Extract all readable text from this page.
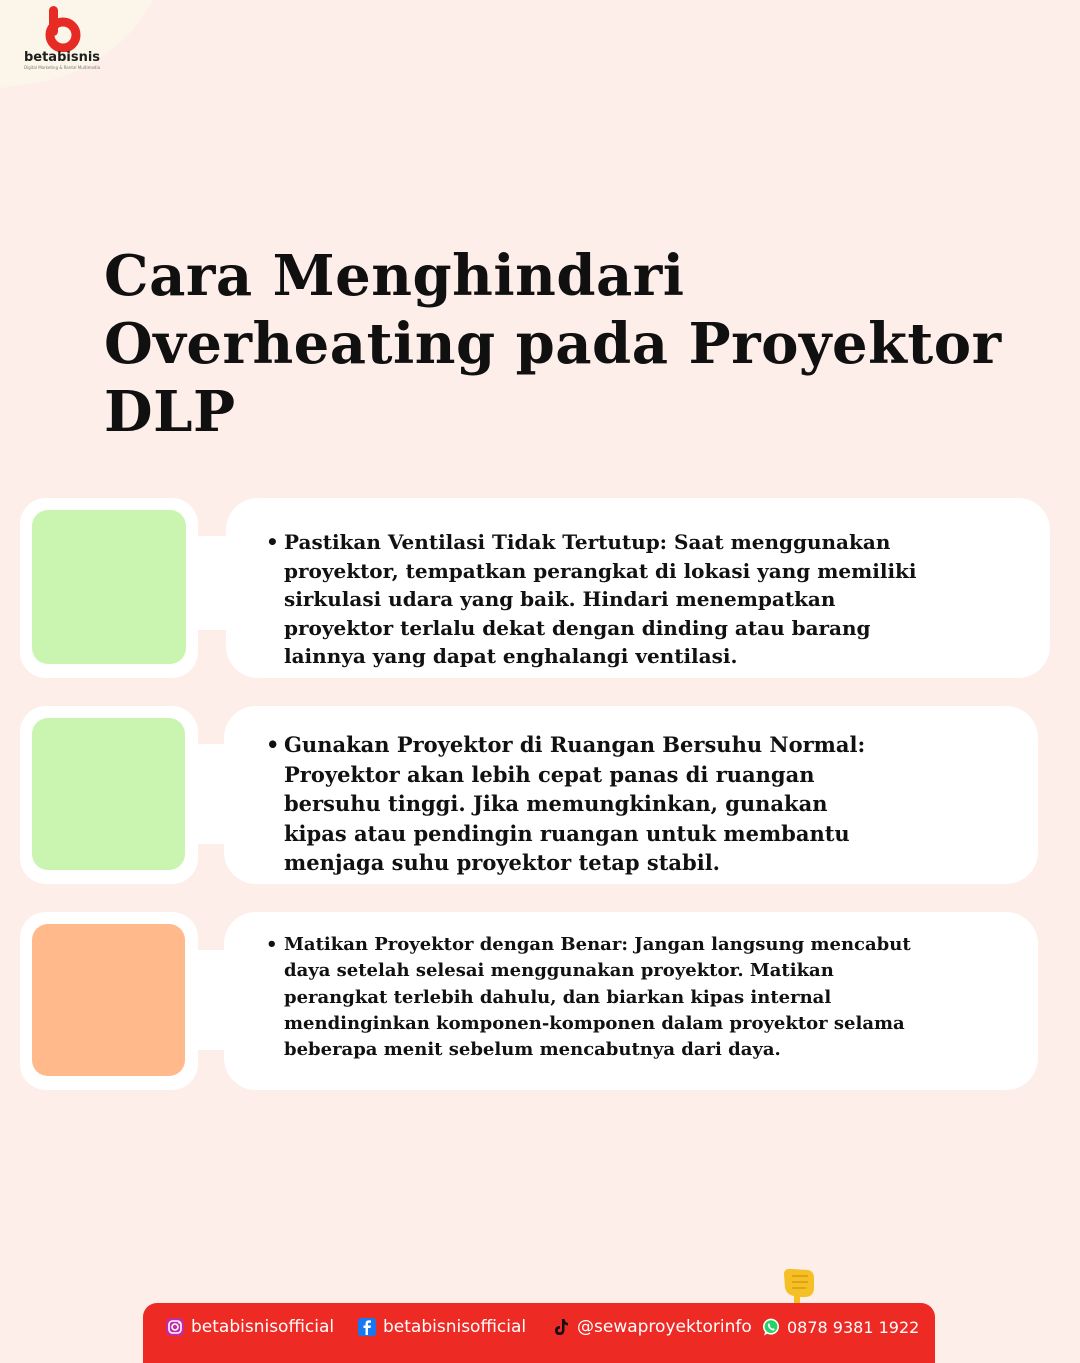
betabisnis
Digital Marketing & Rental Multimedia
Cara Menghindari
Overheating pada Proyektor
DLP

• Pastikan Ventilasi Tidak Tertutup: Saat menggunakan
proyektor, tempatkan perangkat di lokasi yang memiliki
sirkulasi udara yang baik. Hindari menempatkan
proyektor terlalu dekat dengan dinding atau barang
lainnya yang dapat enghalangi ventilasi.

• Gunakan Proyektor di Ruangan Bersuhu Normal:
Proyektor akan lebih cepat panas di ruangan
bersuhu tinggi. Jika memungkinkan, gunakan
kipas atau pendingin ruangan untuk membantu
menjaga suhu proyektor tetap stabil.

• Matikan Proyektor dengan Benar: Jangan langsung mencabut
daya setelah selesai menggunakan proyektor. Matikan
perangkat terlebih dahulu, dan biarkan kipas internal
mendinginkan komponen-komponen dalam proyektor selama
beberapa menit sebelum mencabutnya dari daya.

betabisnisofficial	betabisnisofficial	@sewaproyektorinfo 0878 9381 1922
